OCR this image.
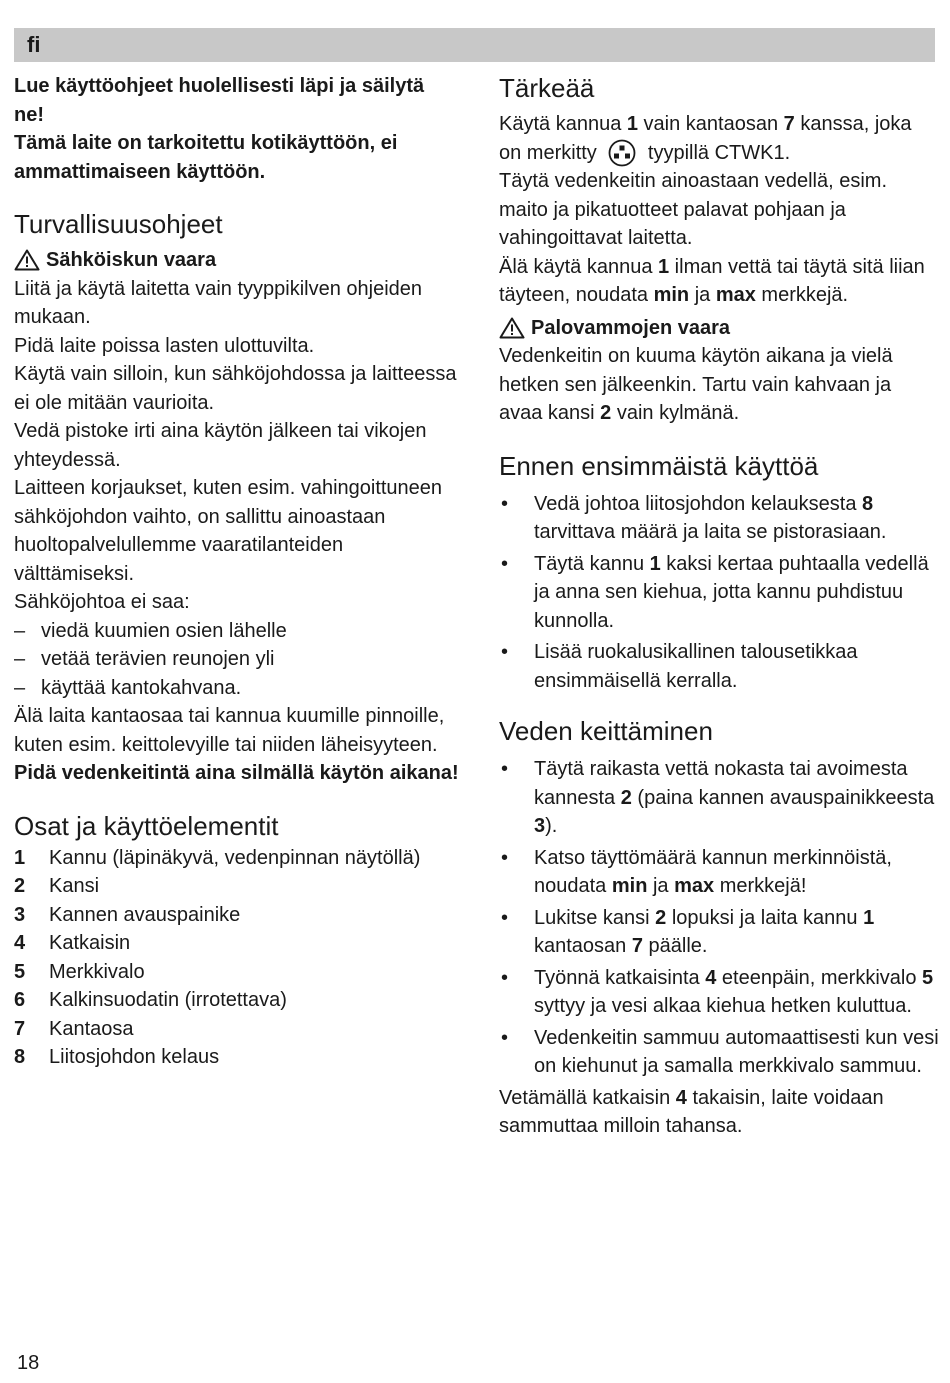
fi

Lue käyttöohjeet huolellisesti läpi ja säilytä ne!

Tämä laite on tarkoitettu kotikäyttöön, ei ammattimaiseen käyttöön.

Turvallisuusohjeet
Sähköiskun vaara

Liitä ja käytä laitetta vain tyyppikilven ohjeiden mukaan.

Pidä laite poissa lasten ulottuvilta.

Käytä vain silloin, kun sähköjohdossa ja laitteessa ei ole mitään vaurioita.

Vedä pistoke irti aina käytön jälkeen tai vikojen yhteydessä.

Laitteen korjaukset, kuten esim. vahingoittuneen sähköjohdon vaihto, on sallittu ainoastaan huoltopalvelullemme vaaratilanteiden välttämiseksi.

Sähköjohtoa ei saa:

– viedä kuumien osien lähelle
– vetää terävien reunojen yli
– käyttää kantokahvana.

Älä laita kantaosaa tai kannua kuumille pinnoille, kuten esim. keittolevyille tai niiden läheisyyteen.

Pidä vedenkeitintä aina silmällä käytön aikana!

Osat ja käyttöelementit
1	Kannu (läpinäkyvä, vedenpinnan näytöllä)
2	Kansi
3	Kannen avauspainike
4	Katkaisin
5	Merkkivalo
6	Kalkinsuodatin (irrotettava)
7	Kantaosa
8	Liitosjohdon kelaus
Tärkeää

Käytä kannua 1 vain kantaosan 7 kanssa, joka on merkitty  tyypillä CTWK1.

Täytä vedenkeitin ainoastaan vedellä, esim. maito ja pikatuotteet palavat pohjaan ja vahingoittavat laitetta.

Älä käytä kannua 1 ilman vettä tai täytä sitä liian täyteen, noudata min ja max merkkejä.

Palovammojen vaara

Vedenkeitin on kuuma käytön aikana ja vielä hetken sen jälkeenkin. Tartu vain kahvaan ja avaa kansi 2 vain kylmänä.

Ennen ensimmäistä käyttöä
• Vedä johtoa liitosjohdon kelauksesta 8 tarvittava määrä ja laita se pistorasiaan.
• Täytä kannu 1 kaksi kertaa puhtaalla vedellä ja anna sen kiehua, jotta kannu puhdistuu kunnolla.
• Lisää ruokalusikallinen talousetikkaa ensimmäisellä kerralla.
Veden keittäminen
• Täytä raikasta vettä nokasta tai avoimesta kannesta 2 (paina kannen avauspainikkeesta 3).
• Katso täyttömäärä kannun merkinnöistä, noudata min ja max merkkejä!
• Lukitse kansi 2 lopuksi ja laita kannu 1 kantaosan 7 päälle.
• Työnnä katkaisinta 4 eteenpäin, merkkivalo 5 syttyy ja vesi alkaa kiehua hetken kuluttua.
• Vedenkeitin sammuu automaattisesti kun vesi on kiehunut ja samalla merkkivalo sammuu.

Vetämällä katkaisin 4 takaisin, laite voidaan sammuttaa milloin tahansa.

18
